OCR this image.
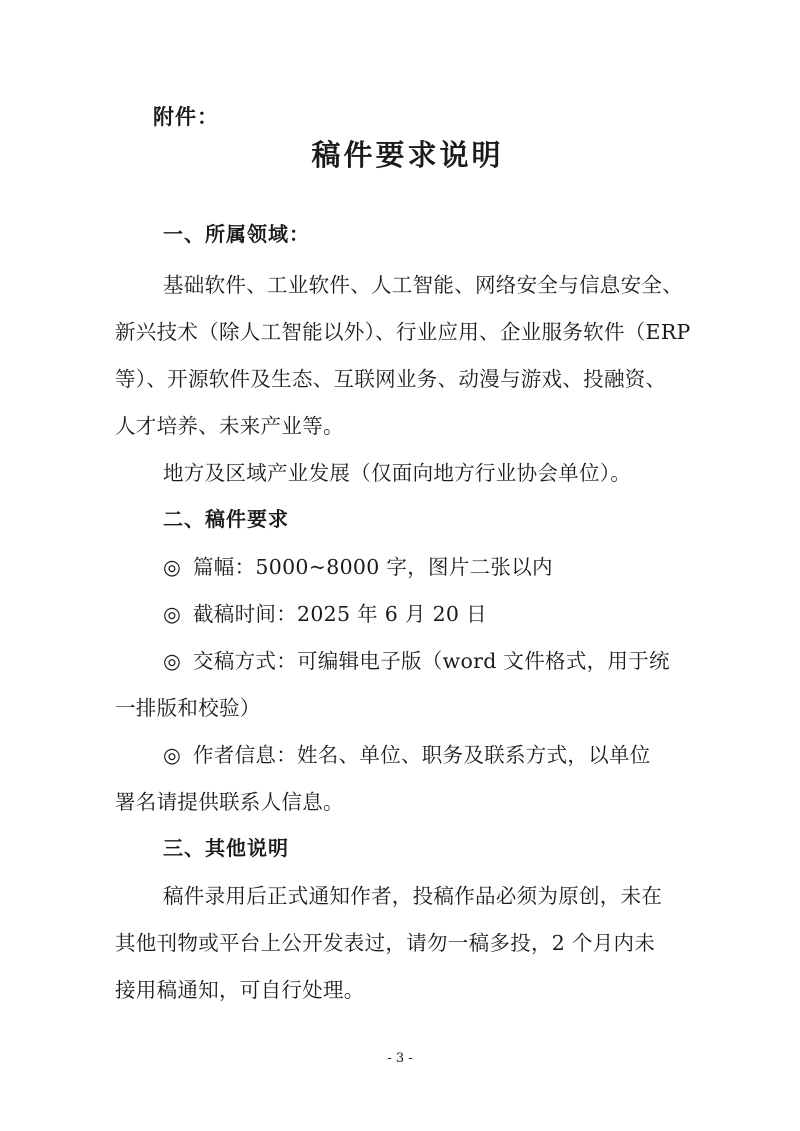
附件：
稿件要求说明
一、所属领域：
基础软件、工业软件、人工智能、网络安全与信息安全、
新兴技术（除人工智能以外）、行业应用、企业服务软件（ERP
等）、开源软件及生态、互联网业务、动漫与游戏、投融资、
人才培养、未来产业等。
地方及区域产业发展（仅面向地方行业协会单位）。
二、稿件要求
◎ 篇幅：5000~8000 字，图片二张以内
◎ 截稿时间：2025 年 6 月 20 日
◎ 交稿方式：可编辑电子版（word 文件格式，用于统
一排版和校验）
◎ 作者信息：姓名、单位、职务及联系方式，以单位
署名请提供联系人信息。
三、其他说明
稿件录用后正式通知作者，投稿作品必须为原创，未在
其他刊物或平台上公开发表过，请勿一稿多投，2 个月内未
接用稿通知，可自行处理。
- 3 -
